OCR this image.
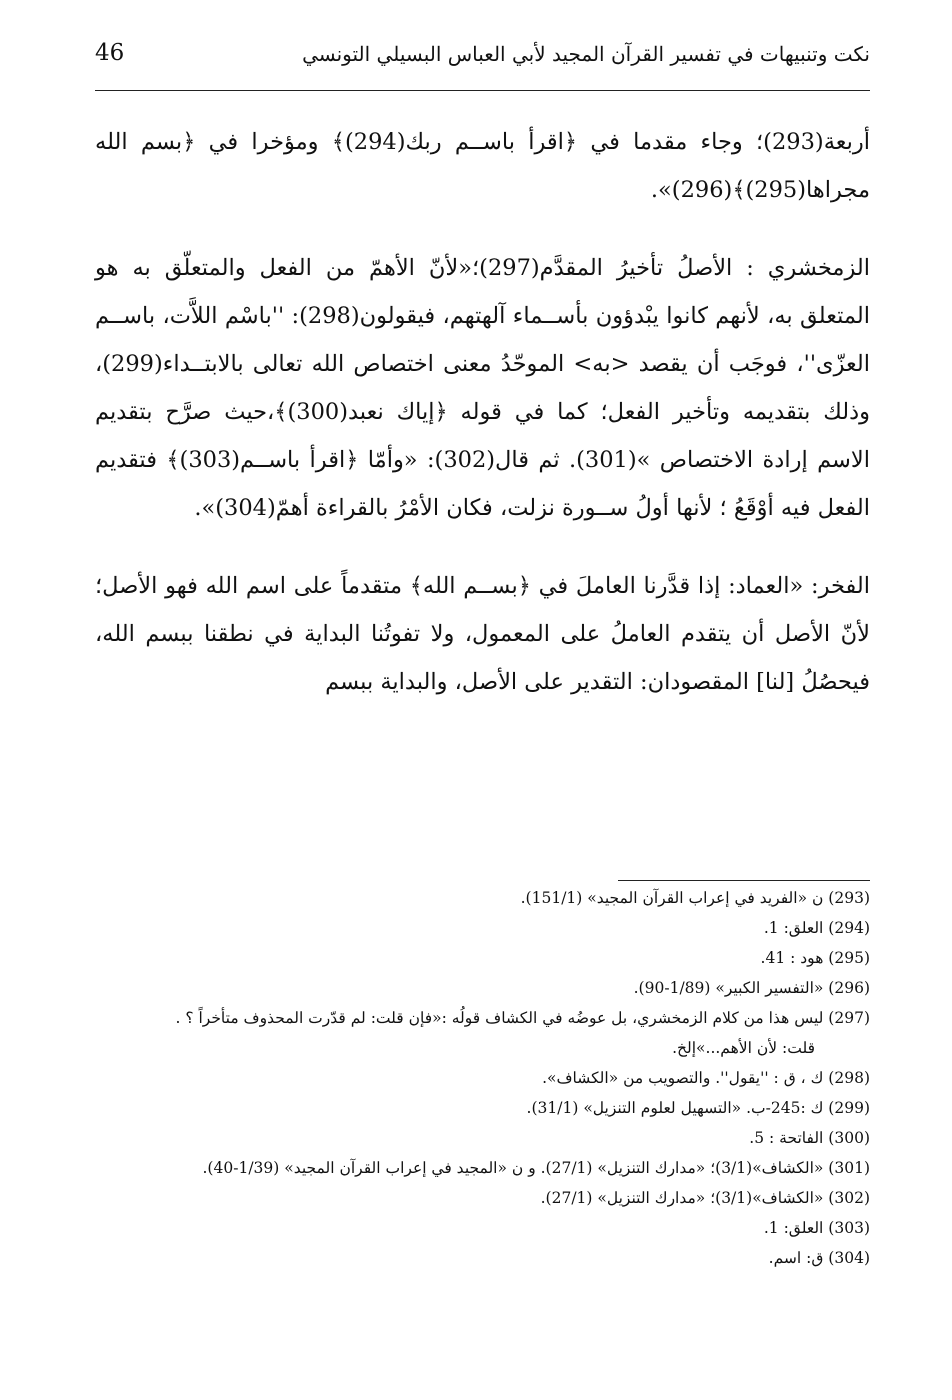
46	نكت وتنبيهات في تفسير القرآن المجيد لأبي العباس البسيلي التونسي

أربعة(293)؛ وجاء مقدما في ﴿اقرأ باســم ربك(294)﴾ ومؤخرا في ﴿بسم الله مجراها(295)﴾(296)».

الزمخشري : الأصلُ تأخيرُ المقدَّم(297)؛«لأنّ الأهمّ من الفعل والمتعلّق به هو المتعلق به، لأنهم كانوا يبْدؤون بأســماء آلهتهم، فيقولون(298): ''باسْم اللاَّت، باســم العزّى''، فوجَب أن يقصد <به> الموحّدُ معنى اختصاص الله تعالى بالابتــداء(299)، وذلك بتقديمه وتأخير الفعل؛ كما في قوله ﴿إياك نعبد(300)﴾،حيث صرَّح بتقديم الاسم إرادة الاختصاص »(301). ثم قال(302): «وأمّا ﴿اقرأ باســم(303)﴾ فتقديم الفعل فيه أوْقَعُ ؛ لأنها أولُ ســورة نزلت، فكان الأمْرُ بالقراءة أهمّ(304)».

الفخر: «العماد: إذا قدَّرنا العاملَ في ﴿بســم الله﴾ متقدماً على اسم الله فهو الأصل؛ لأنّ الأصل أن يتقدم العاملُ على المعمول، ولا تفوتُنا البداية في نطقنا ببسم الله، فيحصُلُ [لنا] المقصودان: التقدير على الأصل، والبداية ببسم

(293) ن «الفريد في إعراب القرآن المجيد» (151/1).
(294) العلق: 1.
(295) هود : 41.
(296) «التفسير الكبير» (1/89-90).
(297) ليس هذا من كلام الزمخشري، بل عوضُه في الكشاف قولُه :«فإن قلت: لم قدّرت المحذوف متأخراً ؟ .
قلت: لأن الأهم...»إلخ.
(298) ك ، ق : ''يقول''. والتصويب من «الكشاف».
(299) ك :245-ب. «التسهيل لعلوم التنزيل» (31/1).
(300) الفاتحة : 5.
(301) «الكشاف»(3/1)؛ «مدارك التنزيل» (27/1). و ن «المجيد في إعراب القرآن المجيد» (1/39-40).
(302) «الكشاف»(3/1)؛ «مدارك التنزيل» (27/1).
(303) العلق: 1.
(304) ق: اسم.
